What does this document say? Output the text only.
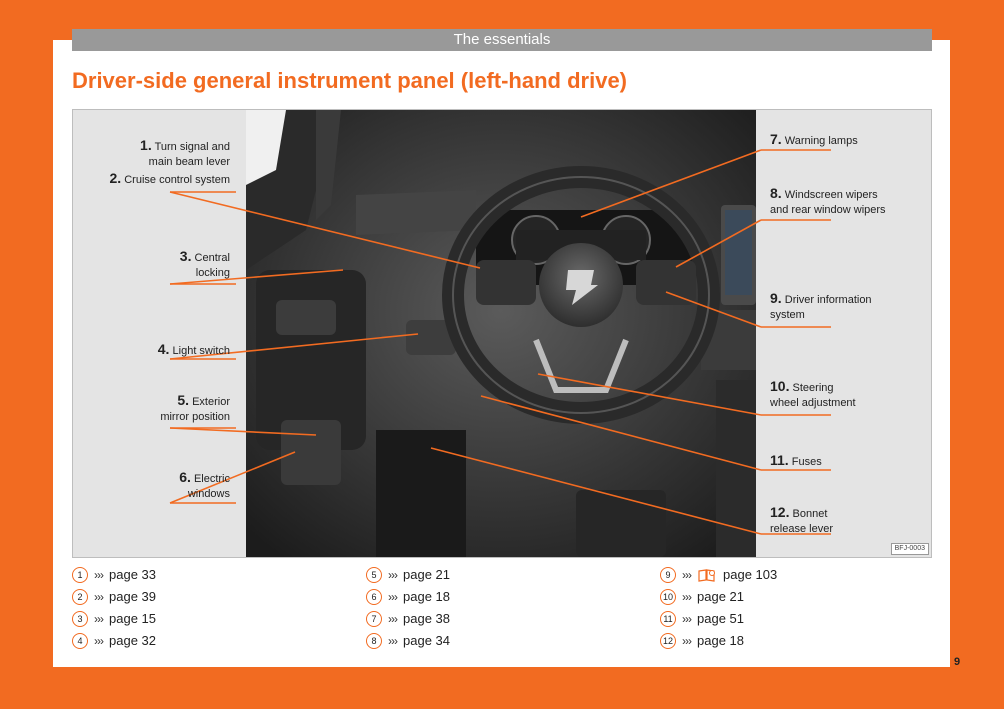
The essentials
Driver-side general instrument panel (left-hand drive)
1. Turn signal and
main beam lever
2. Cruise control system
3. Central
locking
4. Light switch
5. Exterior
mirror position
6. Electric
windows
7. Warning lamps
8. Windscreen wipers
and rear window wipers
9. Driver information
system
10. Steering
wheel adjustment
11. Fuses
12. Bonnet
release lever
BFJ-0003
1 ››› page 33
2 ››› page 39
3 ››› page 15
4 ››› page 32
5 ››› page 21
6 ››› page 18
7 ››› page 38
8 ››› page 34
9 ››› page 103
10 ››› page 21
11 ››› page 51
12 ››› page 18
9
